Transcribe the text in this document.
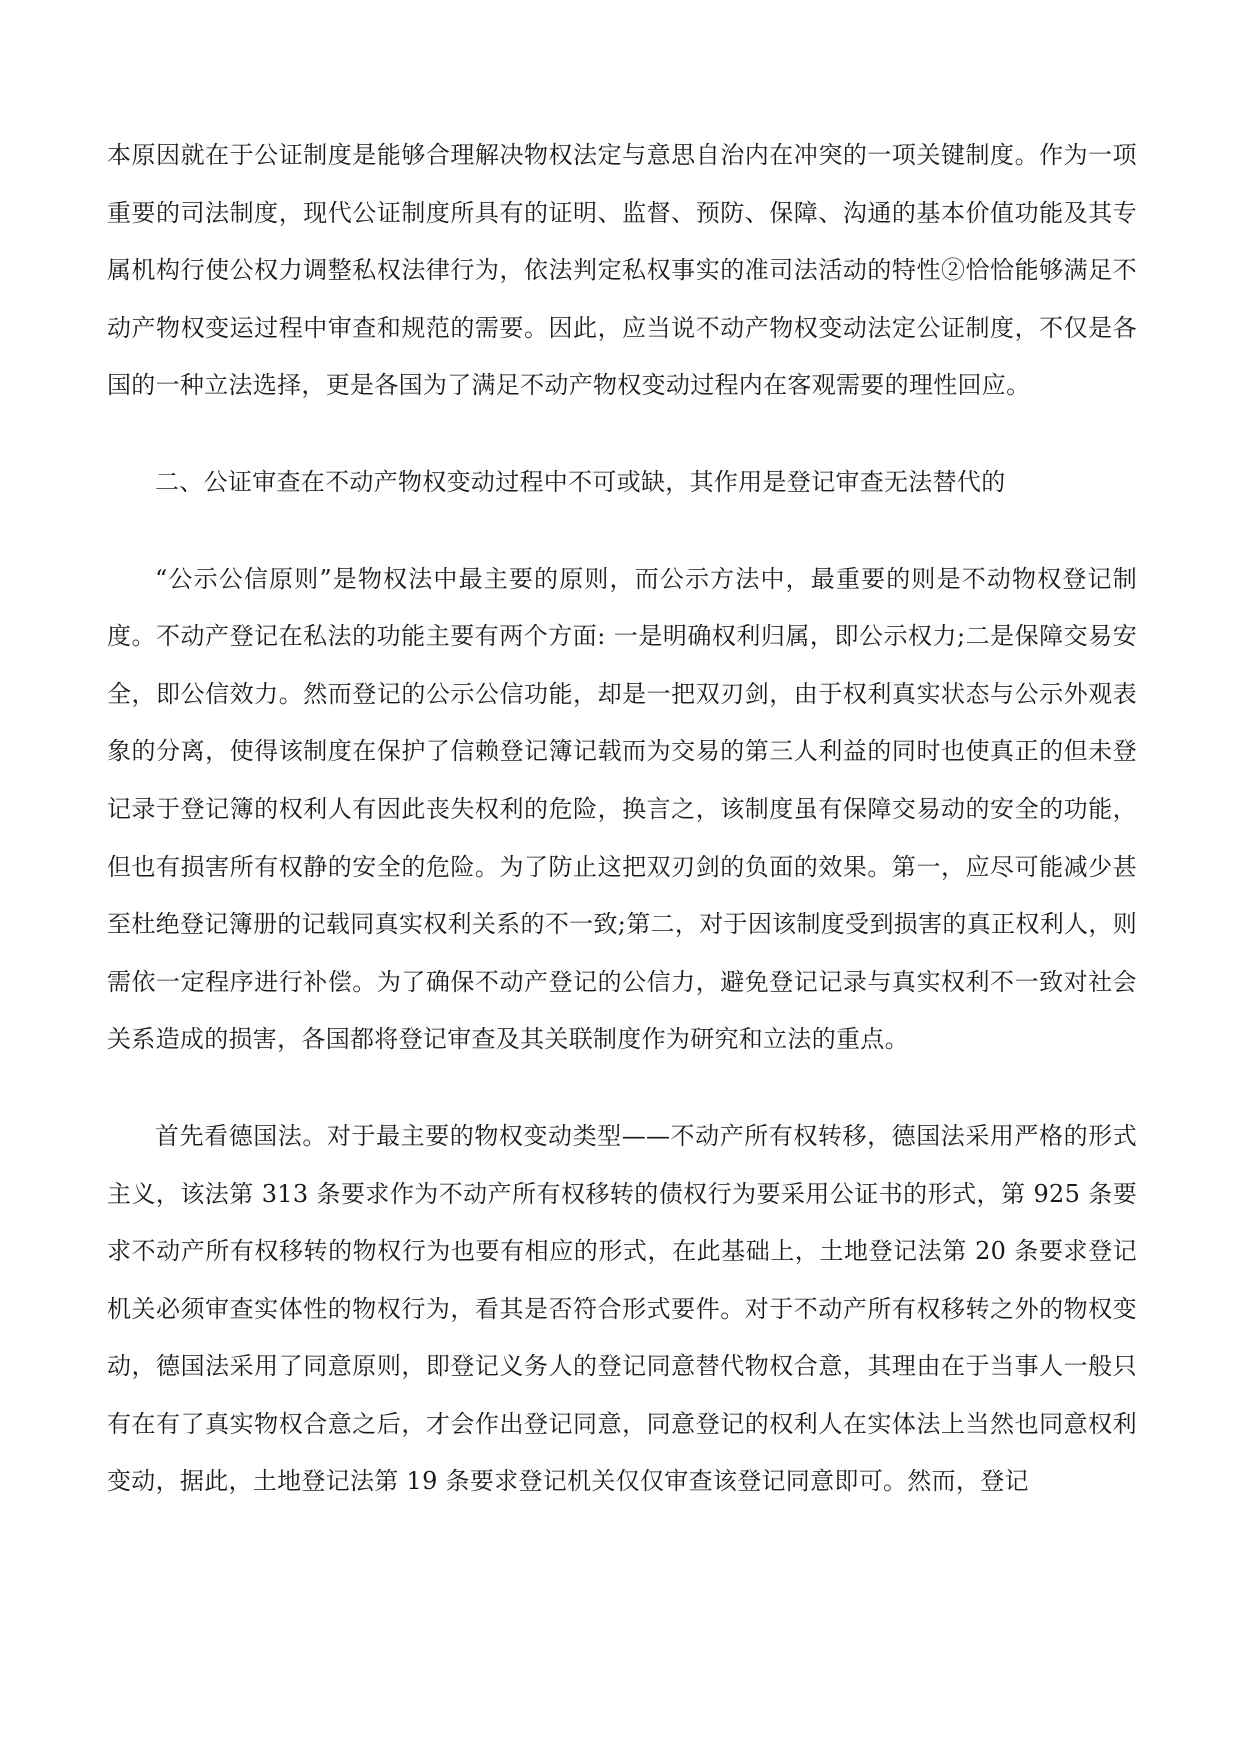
本原因就在于公证制度是能够合理解决物权法定与意思自治内在冲突的一项关键制度。作为一项重要的司法制度，现代公证制度所具有的证明、监督、预防、保障、沟通的基本价值功能及其专属机构行使公权力调整私权法律行为，依法判定私权事实的准司法活动的特性②恰恰能够满足不动产物权变运过程中审查和规范的需要。因此，应当说不动产物权变动法定公证制度，不仅是各国的一种立法选择，更是各国为了满足不动产物权变动过程内在客观需要的理性回应。

二、公证审查在不动产物权变动过程中不可或缺，其作用是登记审查无法替代的

“公示公信原则”是物权法中最主要的原则，而公示方法中，最重要的则是不动物权登记制度。不动产登记在私法的功能主要有两个方面: 一是明确权利归属，即公示权力;二是保障交易安全，即公信效力。然而登记的公示公信功能，却是一把双刃剑，由于权利真实状态与公示外观表象的分离，使得该制度在保护了信赖登记簿记载而为交易的第三人利益的同时也使真正的但未登记录于登记簿的权利人有因此丧失权利的危险，换言之，该制度虽有保障交易动的安全的功能，但也有损害所有权静的安全的危险。为了防止这把双刃剑的负面的效果。第一，应尽可能减少甚至杜绝登记簿册的记载同真实权利关系的不一致;第二，对于因该制度受到损害的真正权利人，则需依一定程序进行补偿。为了确保不动产登记的公信力，避免登记记录与真实权利不一致对社会关系造成的损害，各国都将登记审查及其关联制度作为研究和立法的重点。

首先看德国法。对于最主要的物权变动类型——不动产所有权转移，德国法采用严格的形式主义，该法第 313 条要求作为不动产所有权移转的债权行为要采用公证书的形式，第 925 条要求不动产所有权移转的物权行为也要有相应的形式，在此基础上，土地登记法第 20 条要求登记机关必须审查实体性的物权行为，看其是否符合形式要件。对于不动产所有权移转之外的物权变动，德国法采用了同意原则，即登记义务人的登记同意替代物权合意，其理由在于当事人一般只有在有了真实物权合意之后，才会作出登记同意，同意登记的权利人在实体法上当然也同意权利变动，据此，土地登记法第 19 条要求登记机关仅仅审查该登记同意即可。然而，登记
